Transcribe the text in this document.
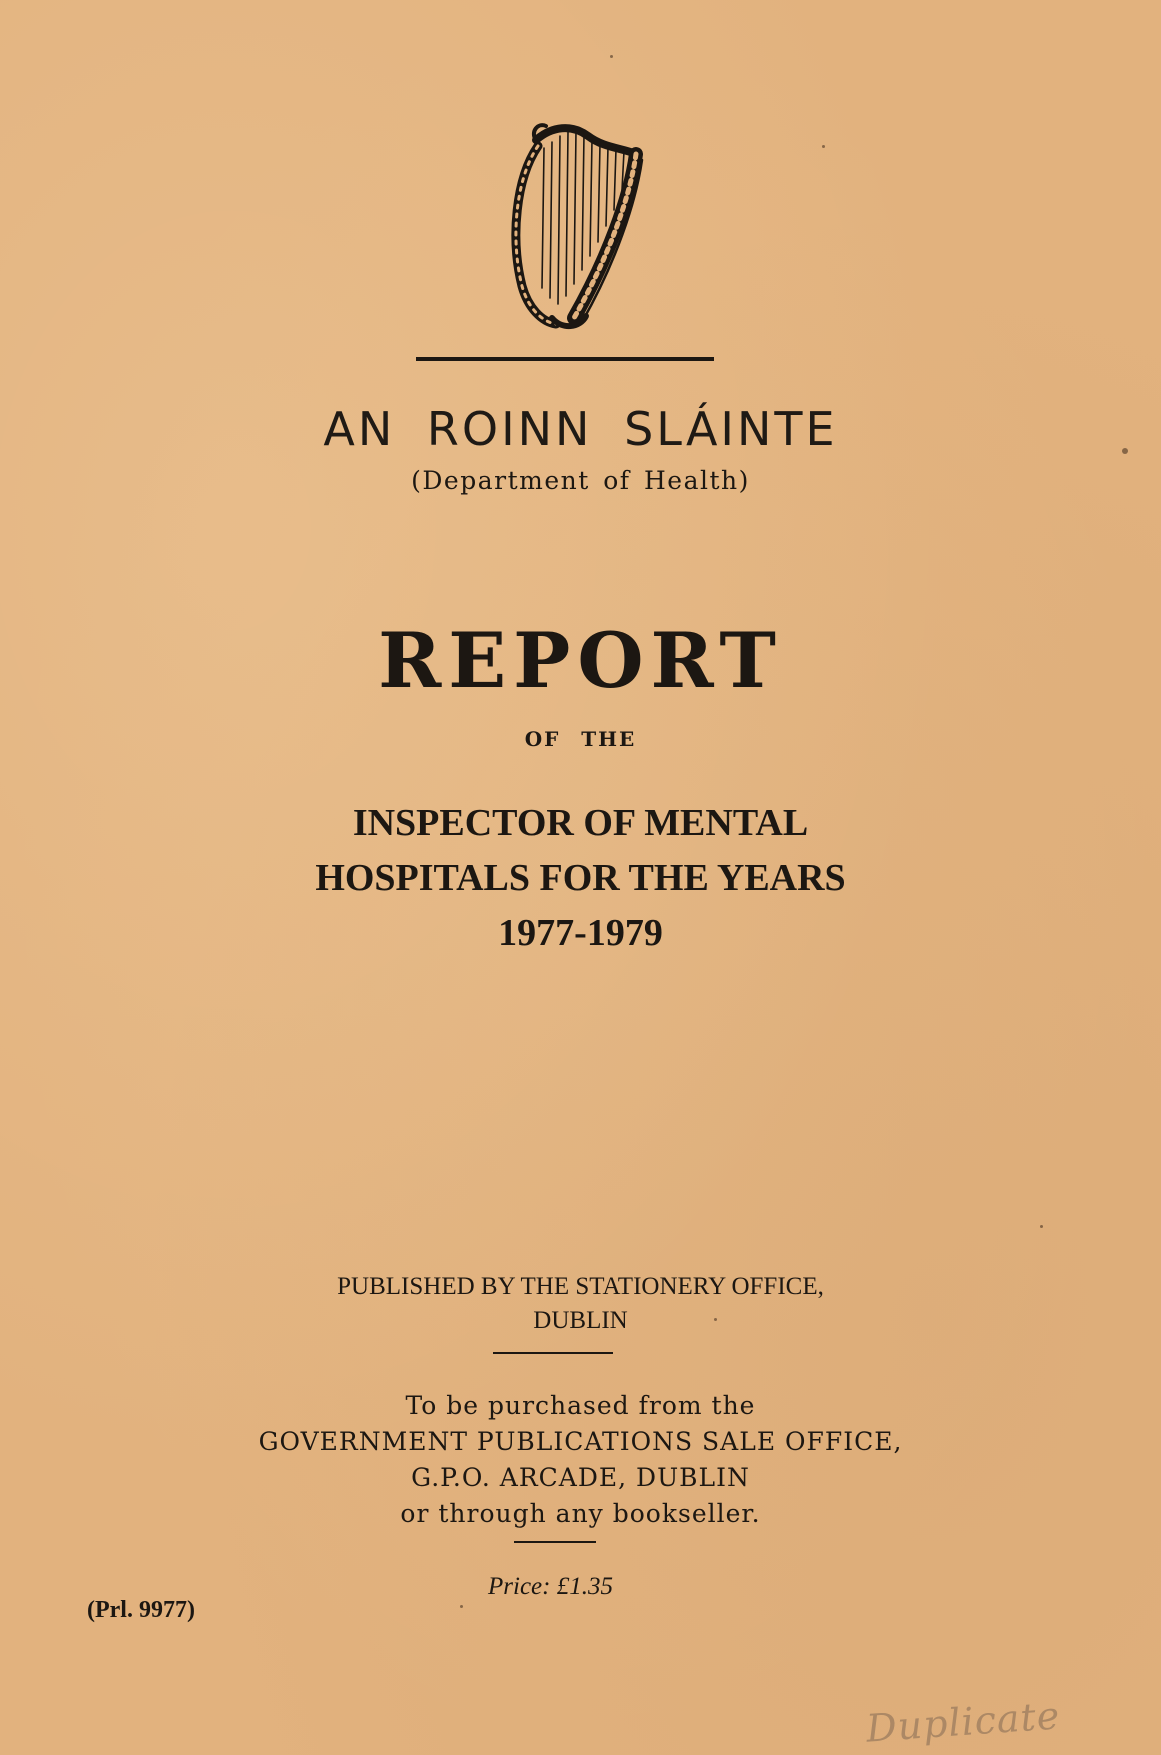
AN ROINN SLÁINTE
(Department of Health)
REPORT
OF THE
INSPECTOR OF MENTAL
HOSPITALS FOR THE YEARS
1977-1979
PUBLISHED BY THE STATIONERY OFFICE,
DUBLIN
To be purchased from the
GOVERNMENT PUBLICATIONS SALE OFFICE,
G.P.O. ARCADE, DUBLIN
or through any bookseller.
Price: £1.35
(Prl. 9977)
Duplicate
